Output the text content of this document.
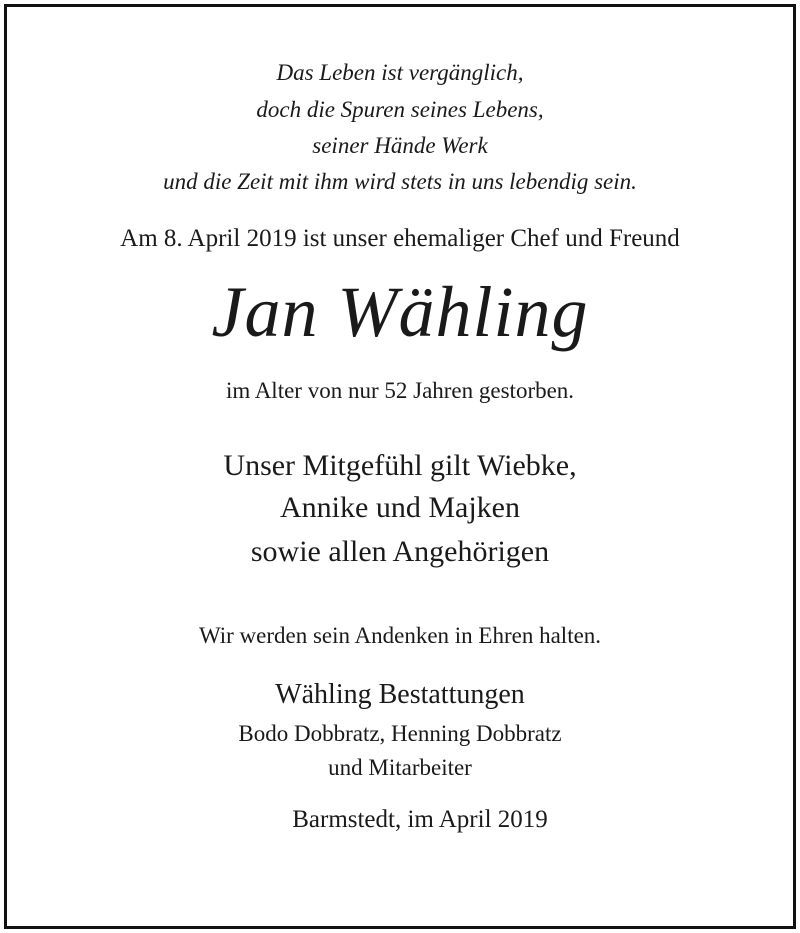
Das Leben ist vergänglich,

doch die Spuren seines Lebens,

seiner Hände Werk

und die Zeit mit ihm wird stets in uns lebendig sein.

Am 8. April 2019 ist unser ehemaliger Chef und Freund

Jan Wähling

im Alter von nur 52 Jahren gestorben.

Unser Mitgefühl gilt Wiebke,

Annike und Majken

sowie allen Angehörigen

Wir werden sein Andenken in Ehren halten.

Wähling Bestattungen

Bodo Dobbratz, Henning Dobbratz

und Mitarbeiter

Barmstedt, im April 2019
